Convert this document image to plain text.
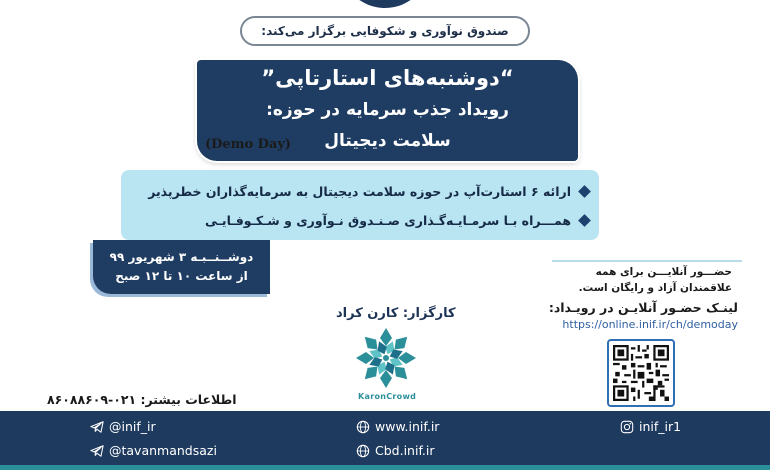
صندوق نوآوری و شکوفایی برگزار می‌کند:
“دوشنبه‌های استارتاپی”
رویداد جذب سرمایه در حوزه:
سلامت دیجیتال
(Demo Day)
ارائه ۶ استارت‌آپ در حوزه سلامت دیجیتال به سرمایه‌گذاران خطرپذیر
همـــراه بـا سرمـایـه‌گـذاری صـنـدوق نـوآوری و شـکـوفـایـی
دوشــنــبـه ۳ شهریور ۹۹
از ساعت ۱۰ تا ۱۲ صبح	حضـــور آنلایـــن برای همه
علاقمندان آزاد و رایگان است.
لینـک حضـور آنلایـن در رویـداد:
https://online.inif.ir/ch/demoday
کارگزار: کارن کراد
KaronCrowd
اطلاعات بیشتر: ۰۲۱-۸۶۰۸۸۶۰۹
@inif_ir
@tavanmandsazi
www.inif.ir
Cbd.inif.ir
inif_ir1
